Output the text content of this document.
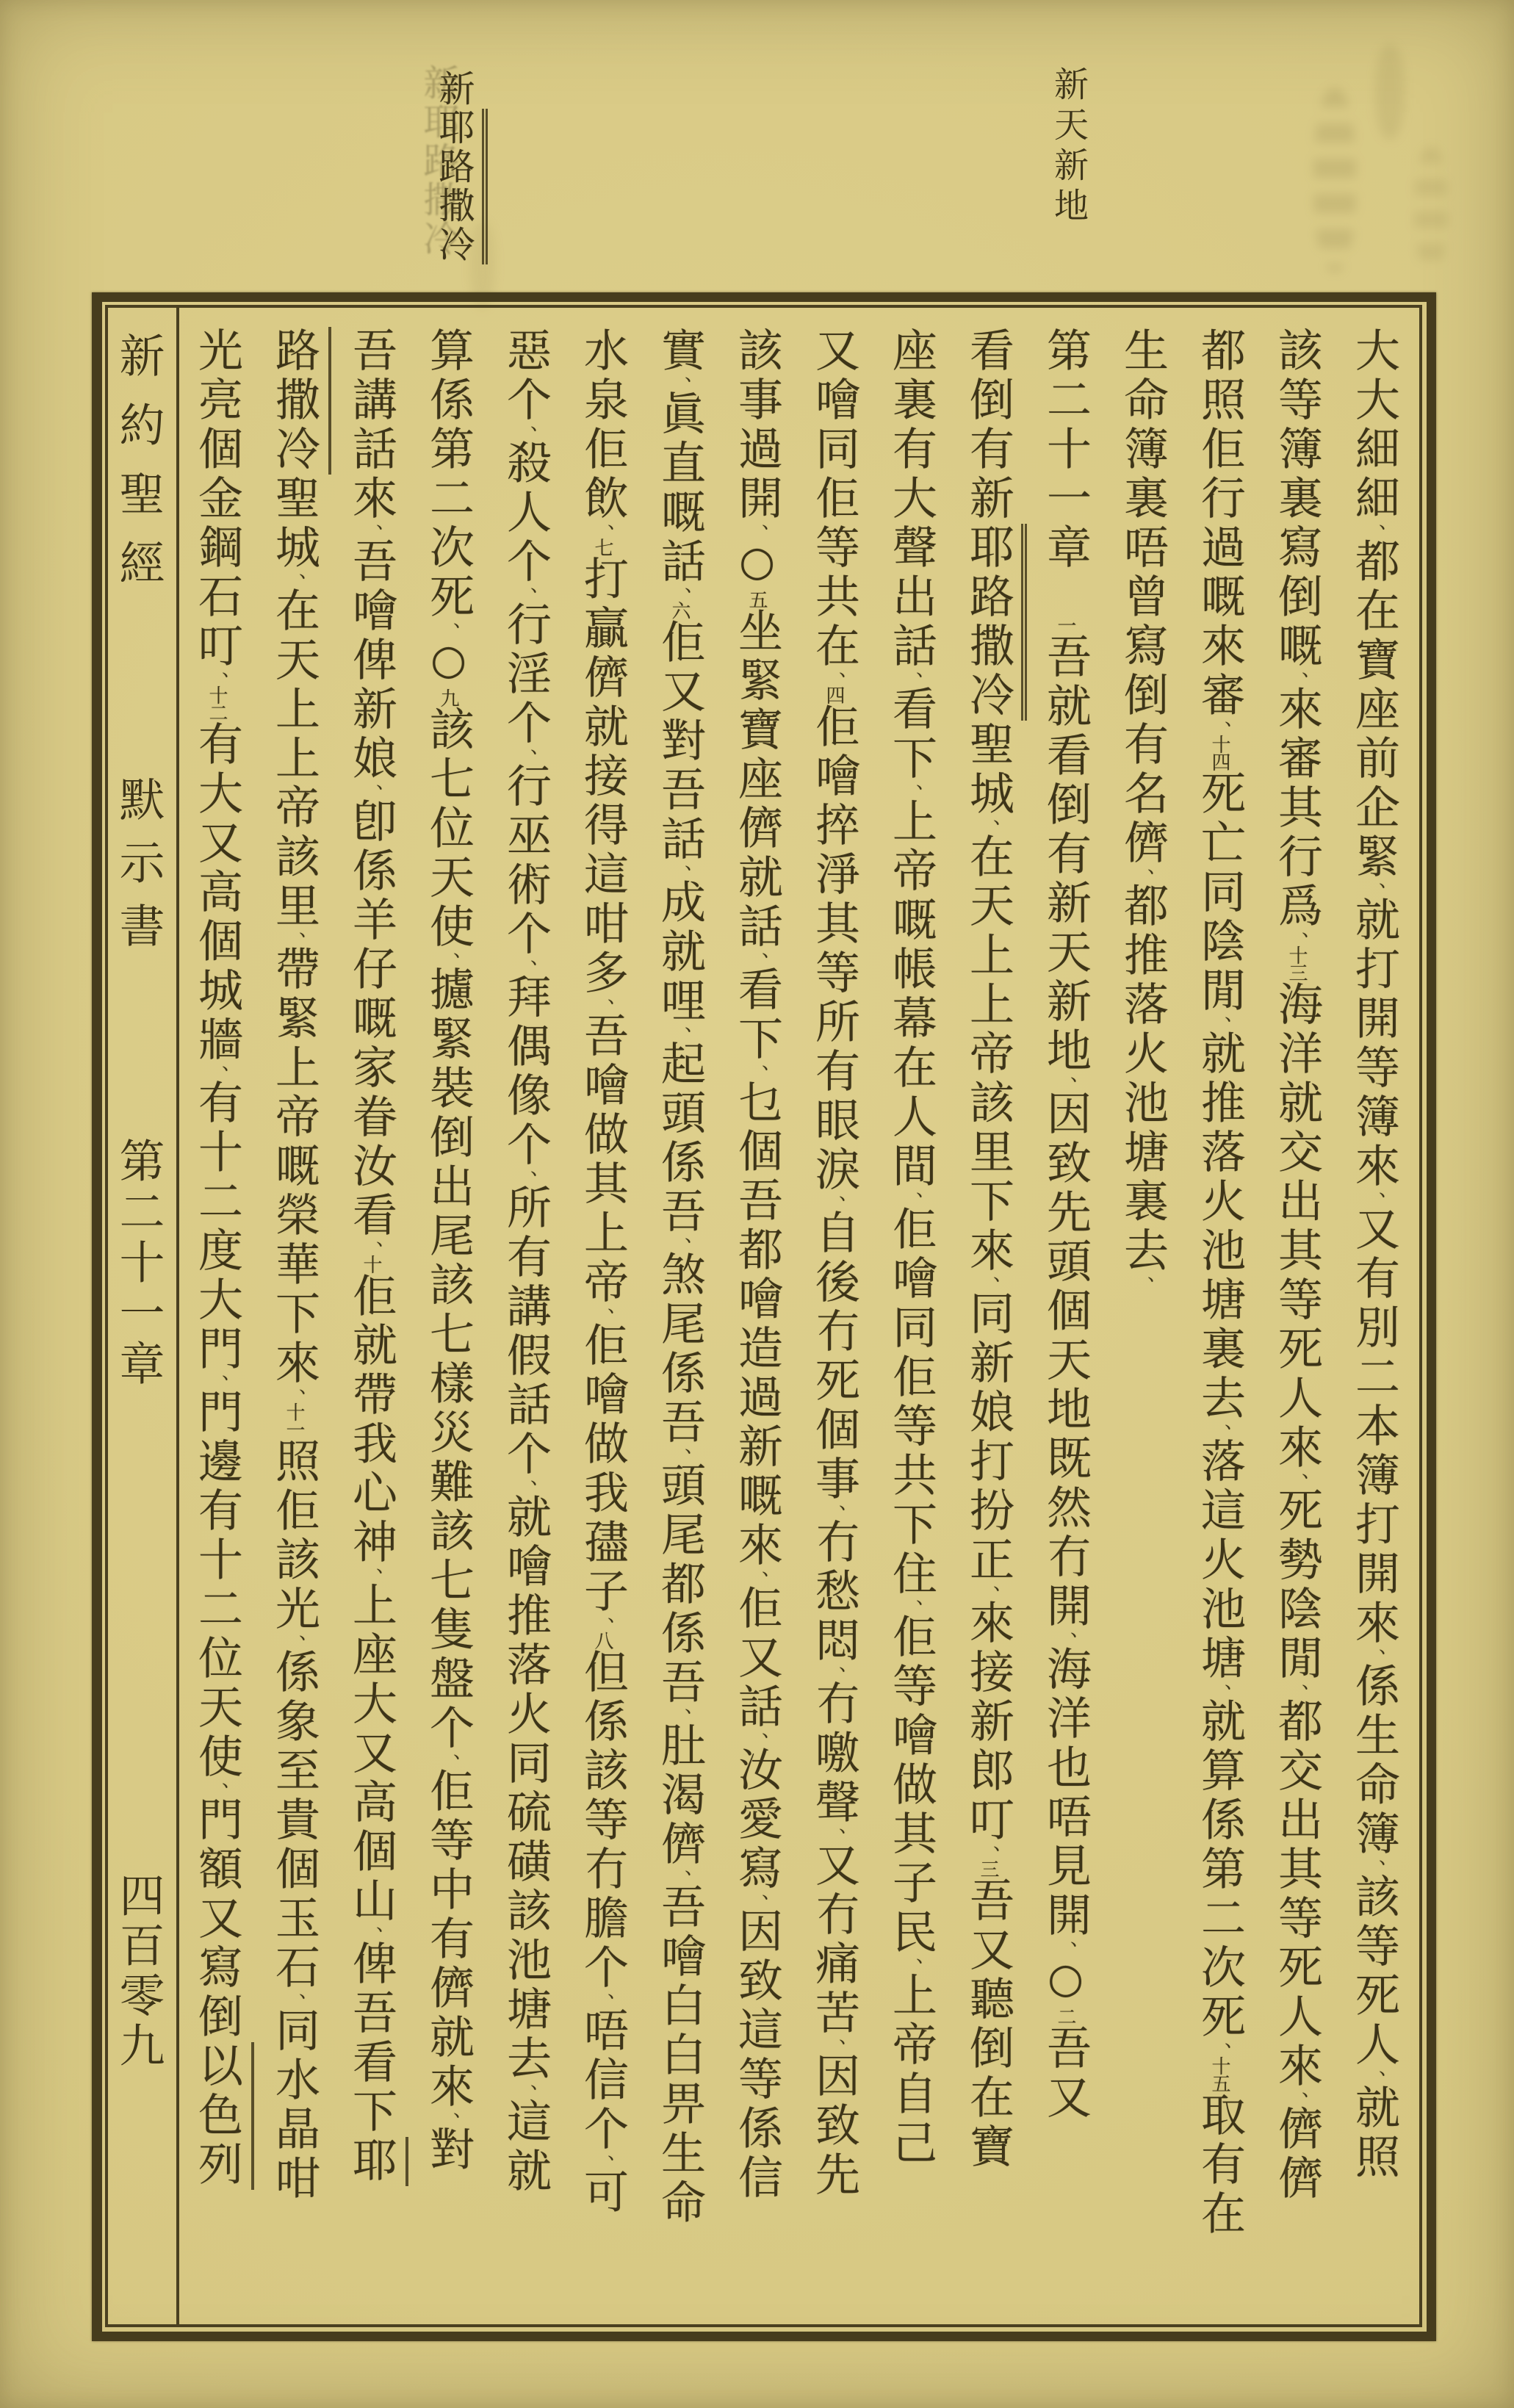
新耶路撒冷	新天新地
大大細細、都在寶座前企緊、就打開等簿來、又有別二本簿打開來、係生命簿、該等死人、就照
該等簿裏寫倒嘅、來審其行爲、十三海洋就交出其等死人來、死勢陰閒、都交出其等死人來、儕儕
都照佢行過嘅來審、十四死亡同陰閒、就推落火池塘裏去、落這火池塘、就算係第二次死、十五取有在
生命簿裏唔曾寫倒有名儕、都推落火池塘裏去、
第二十一章一吾就看倒有新天新地、因致先頭個天地既然冇開、海洋也唔見開、○二吾又
看倒有新耶路撒冷聖城、在天上上帝該里下來、同新娘打扮正、來接新郎叮、三吾又聽倒在寶
座裏有大聲出話、看下、上帝嘅帳幕在人間、佢噲同佢等共下住、佢等噲做其子民、上帝自己
又噲同佢等共在、四佢噲捽淨其等所有眼淚、自後冇死個事、冇愁悶、冇噭聲、又冇痛苦、因致先
該事過開、○五坐緊寶座儕就話、看下、乜個吾都噲造過新嘅來、佢又話、汝愛寫、因致這等係信
實、眞直嘅話、六佢又對吾話、成就哩、起頭係吾、煞尾係吾、頭尾都係吾、肚渴儕、吾噲白白畀生命
水泉佢飲、七打贏儕就接得這咁多、吾噲做其上帝、佢噲做我孻子、八但係該等冇膽个、唔信个、可
惡个、殺人个、行淫个、行巫術个、拜偶像个、所有講假話个、就噲推落火同硫磺該池塘去、這就
算係第二次死、○九該七位天使、攄緊裝倒出尾該七樣災難該七隻盤个、佢等中有儕就來、對
吾講話來、吾噲俾新娘、卽係羊仔嘅家眷汝看、十佢就帶我心神、上座大又高個山、俾吾看下耶
路撒冷聖城、在天上上帝該里、帶緊上帝嘅榮華下來、十一照佢該光、係象至貴個玉石、同水晶咁
光亮個金鋼石叮、十二有大又高個城牆、有十二度大門、門邊有十二位天使、門額又寫倒以色列
新約聖經
默示書
第二十一章
四百零九
